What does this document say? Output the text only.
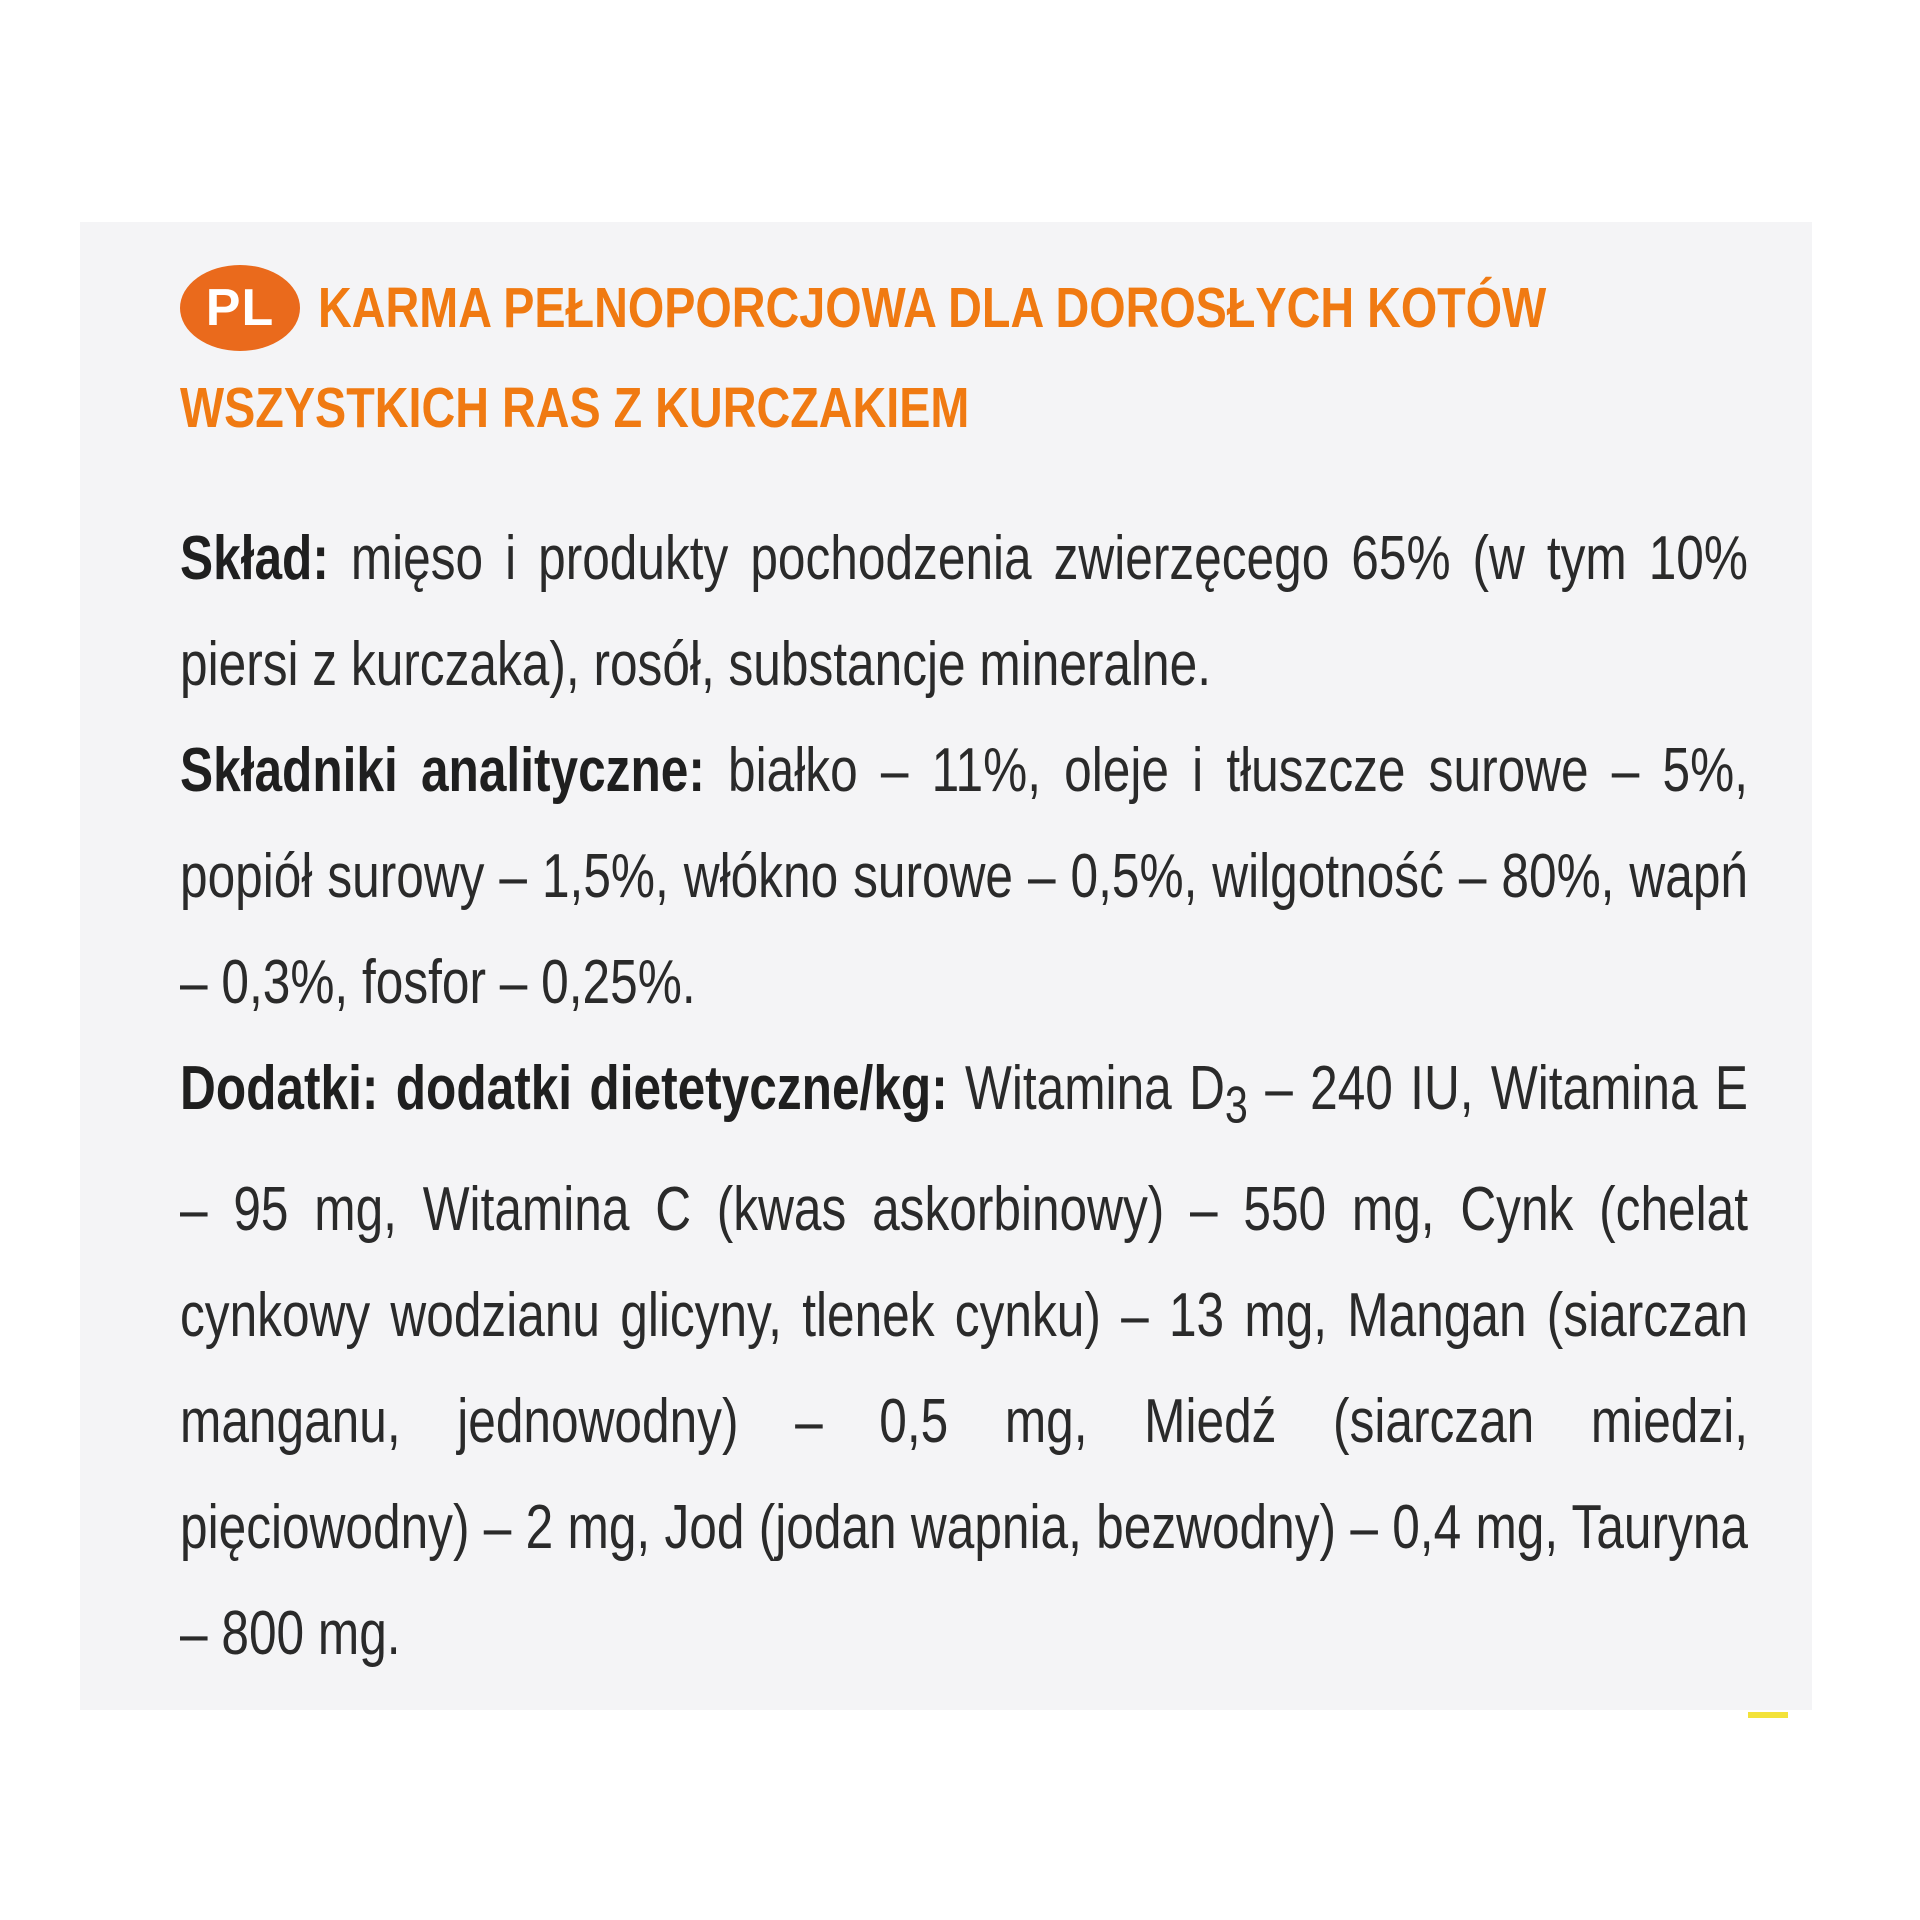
PL KARMA PEŁNOPORCJOWA DLA DOROSŁYCH KOTÓW
WSZYSTKICH RAS Z KURCZAKIEM

Skład: mięso i produkty pochodzenia zwierzęcego 65% (w tym 10% piersi z kurczaka), rosół, substancje mineralne.

Składniki analityczne: białko – 11%, oleje i tłuszcze surowe – 5%, popiół surowy – 1,5%, włókno surowe – 0,5%, wilgotność – 80%, wapń – 0,3%, fosfor – 0,25%.

Dodatki: dodatki dietetyczne/kg: Witamina $D_3 - 240$ IU, Witamina E – 95 mg, Witamina C (kwas askorbinowy) – 550 mg, Cynk (chelat cynkowy wodzianu glicyny, tlenek cynku) – 13 mg, Mangan (siarczan manganu, jednowodny) – 0,5 mg, Miedź (siarczan miedzi, pięciowodny) – 2 mg, Jod (jodan wapnia, bezwodny) – 0,4 mg, Tauryna – 800 mg.
